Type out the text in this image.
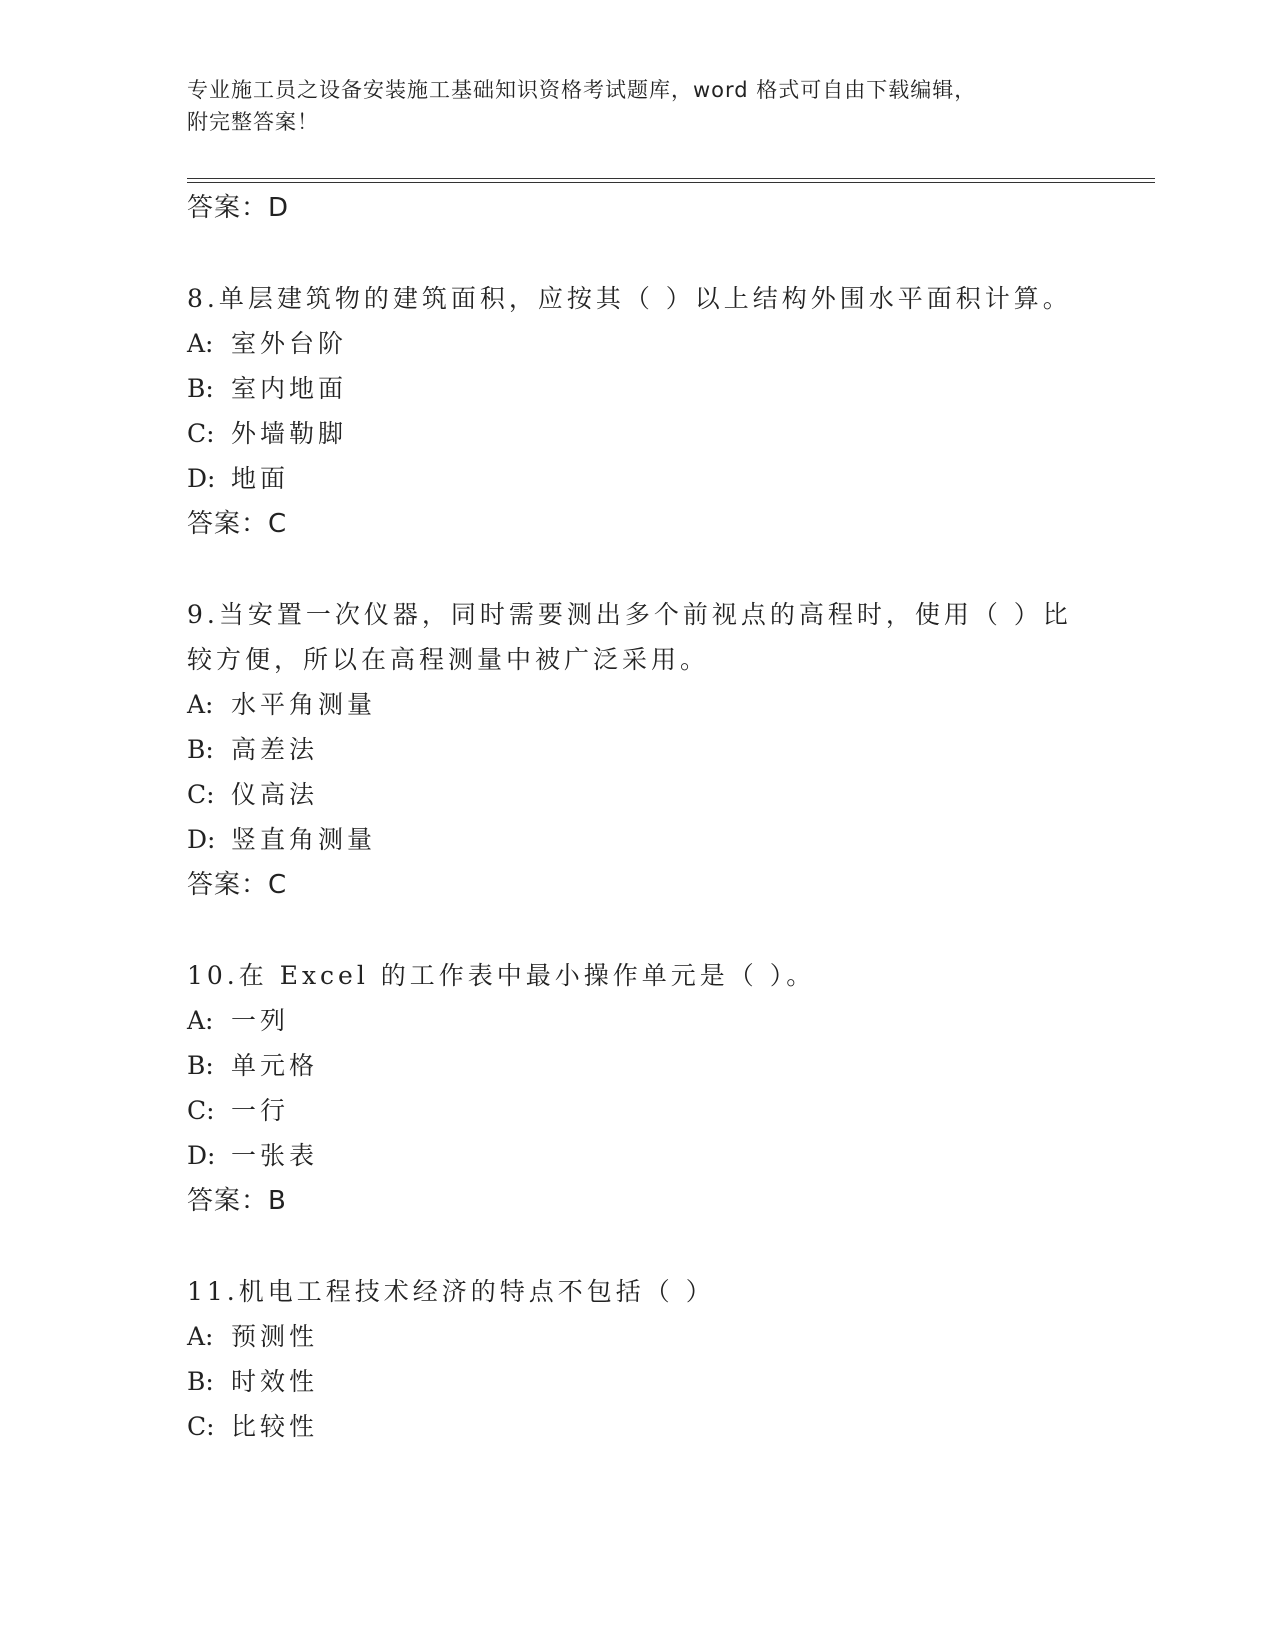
专业施工员之设备安装施工基础知识资格考试题库，word 格式可自由下载编辑，
附完整答案！
答案：D
8.单层建筑物的建筑面积，应按其（ ）以上结构外围水平面积计算。
A: 室外台阶
B: 室内地面
C: 外墙勒脚
D: 地面
答案：C
9.当安置一次仪器，同时需要测出多个前视点的高程时，使用（ ）比
较方便，所以在高程测量中被广泛采用。
A: 水平角测量
B: 高差法
C: 仪高法
D: 竖直角测量
答案：C
10.在 Excel 的工作表中最小操作单元是（ ）。
A: 一列
B: 单元格
C: 一行
D: 一张表
答案：B
11.机电工程技术经济的特点不包括（ ）
A: 预测性
B: 时效性
C: 比较性
